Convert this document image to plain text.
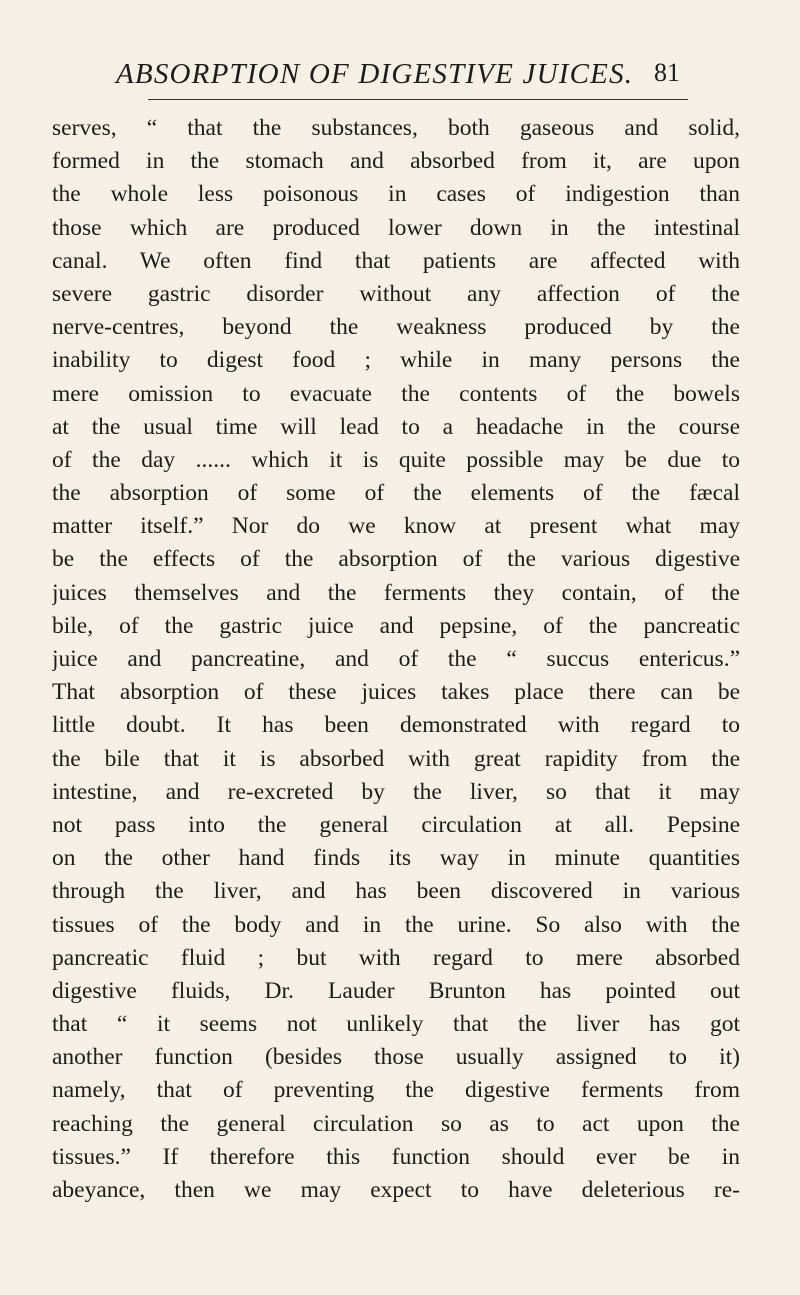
ABSORPTION OF DIGESTIVE JUICES. 81
serves, “ that the substances, both gaseous and solid,
formed in the stomach and absorbed from it, are upon
the whole less poisonous in cases of indigestion than
those which are produced lower down in the intestinal
canal. We often find that patients are affected with
severe gastric disorder without any affection of the
nerve-centres, beyond the weakness produced by the
inability to digest food ; while in many persons the
mere omission to evacuate the contents of the bowels
at the usual time will lead to a headache in the course
of the day ...... which it is quite possible may be due to
the absorption of some of the elements of the fæcal
matter itself.” Nor do we know at present what may
be the effects of the absorption of the various digestive
juices themselves and the ferments they contain, of the
bile, of the gastric juice and pepsine, of the pancreatic
juice and pancreatine, and of the “ succus entericus.”
That absorption of these juices takes place there can be
little doubt. It has been demonstrated with regard to
the bile that it is absorbed with great rapidity from the
intestine, and re-excreted by the liver, so that it may
not pass into the general circulation at all. Pepsine
on the other hand finds its way in minute quantities
through the liver, and has been discovered in various
tissues of the body and in the urine. So also with the
pancreatic fluid ; but with regard to mere absorbed
digestive fluids, Dr. Lauder Brunton has pointed out
that “ it seems not unlikely that the liver has got
another function (besides those usually assigned to it)
namely, that of preventing the digestive ferments from
reaching the general circulation so as to act upon the
tissues.” If therefore this function should ever be in
abeyance, then we may expect to have deleterious re-
